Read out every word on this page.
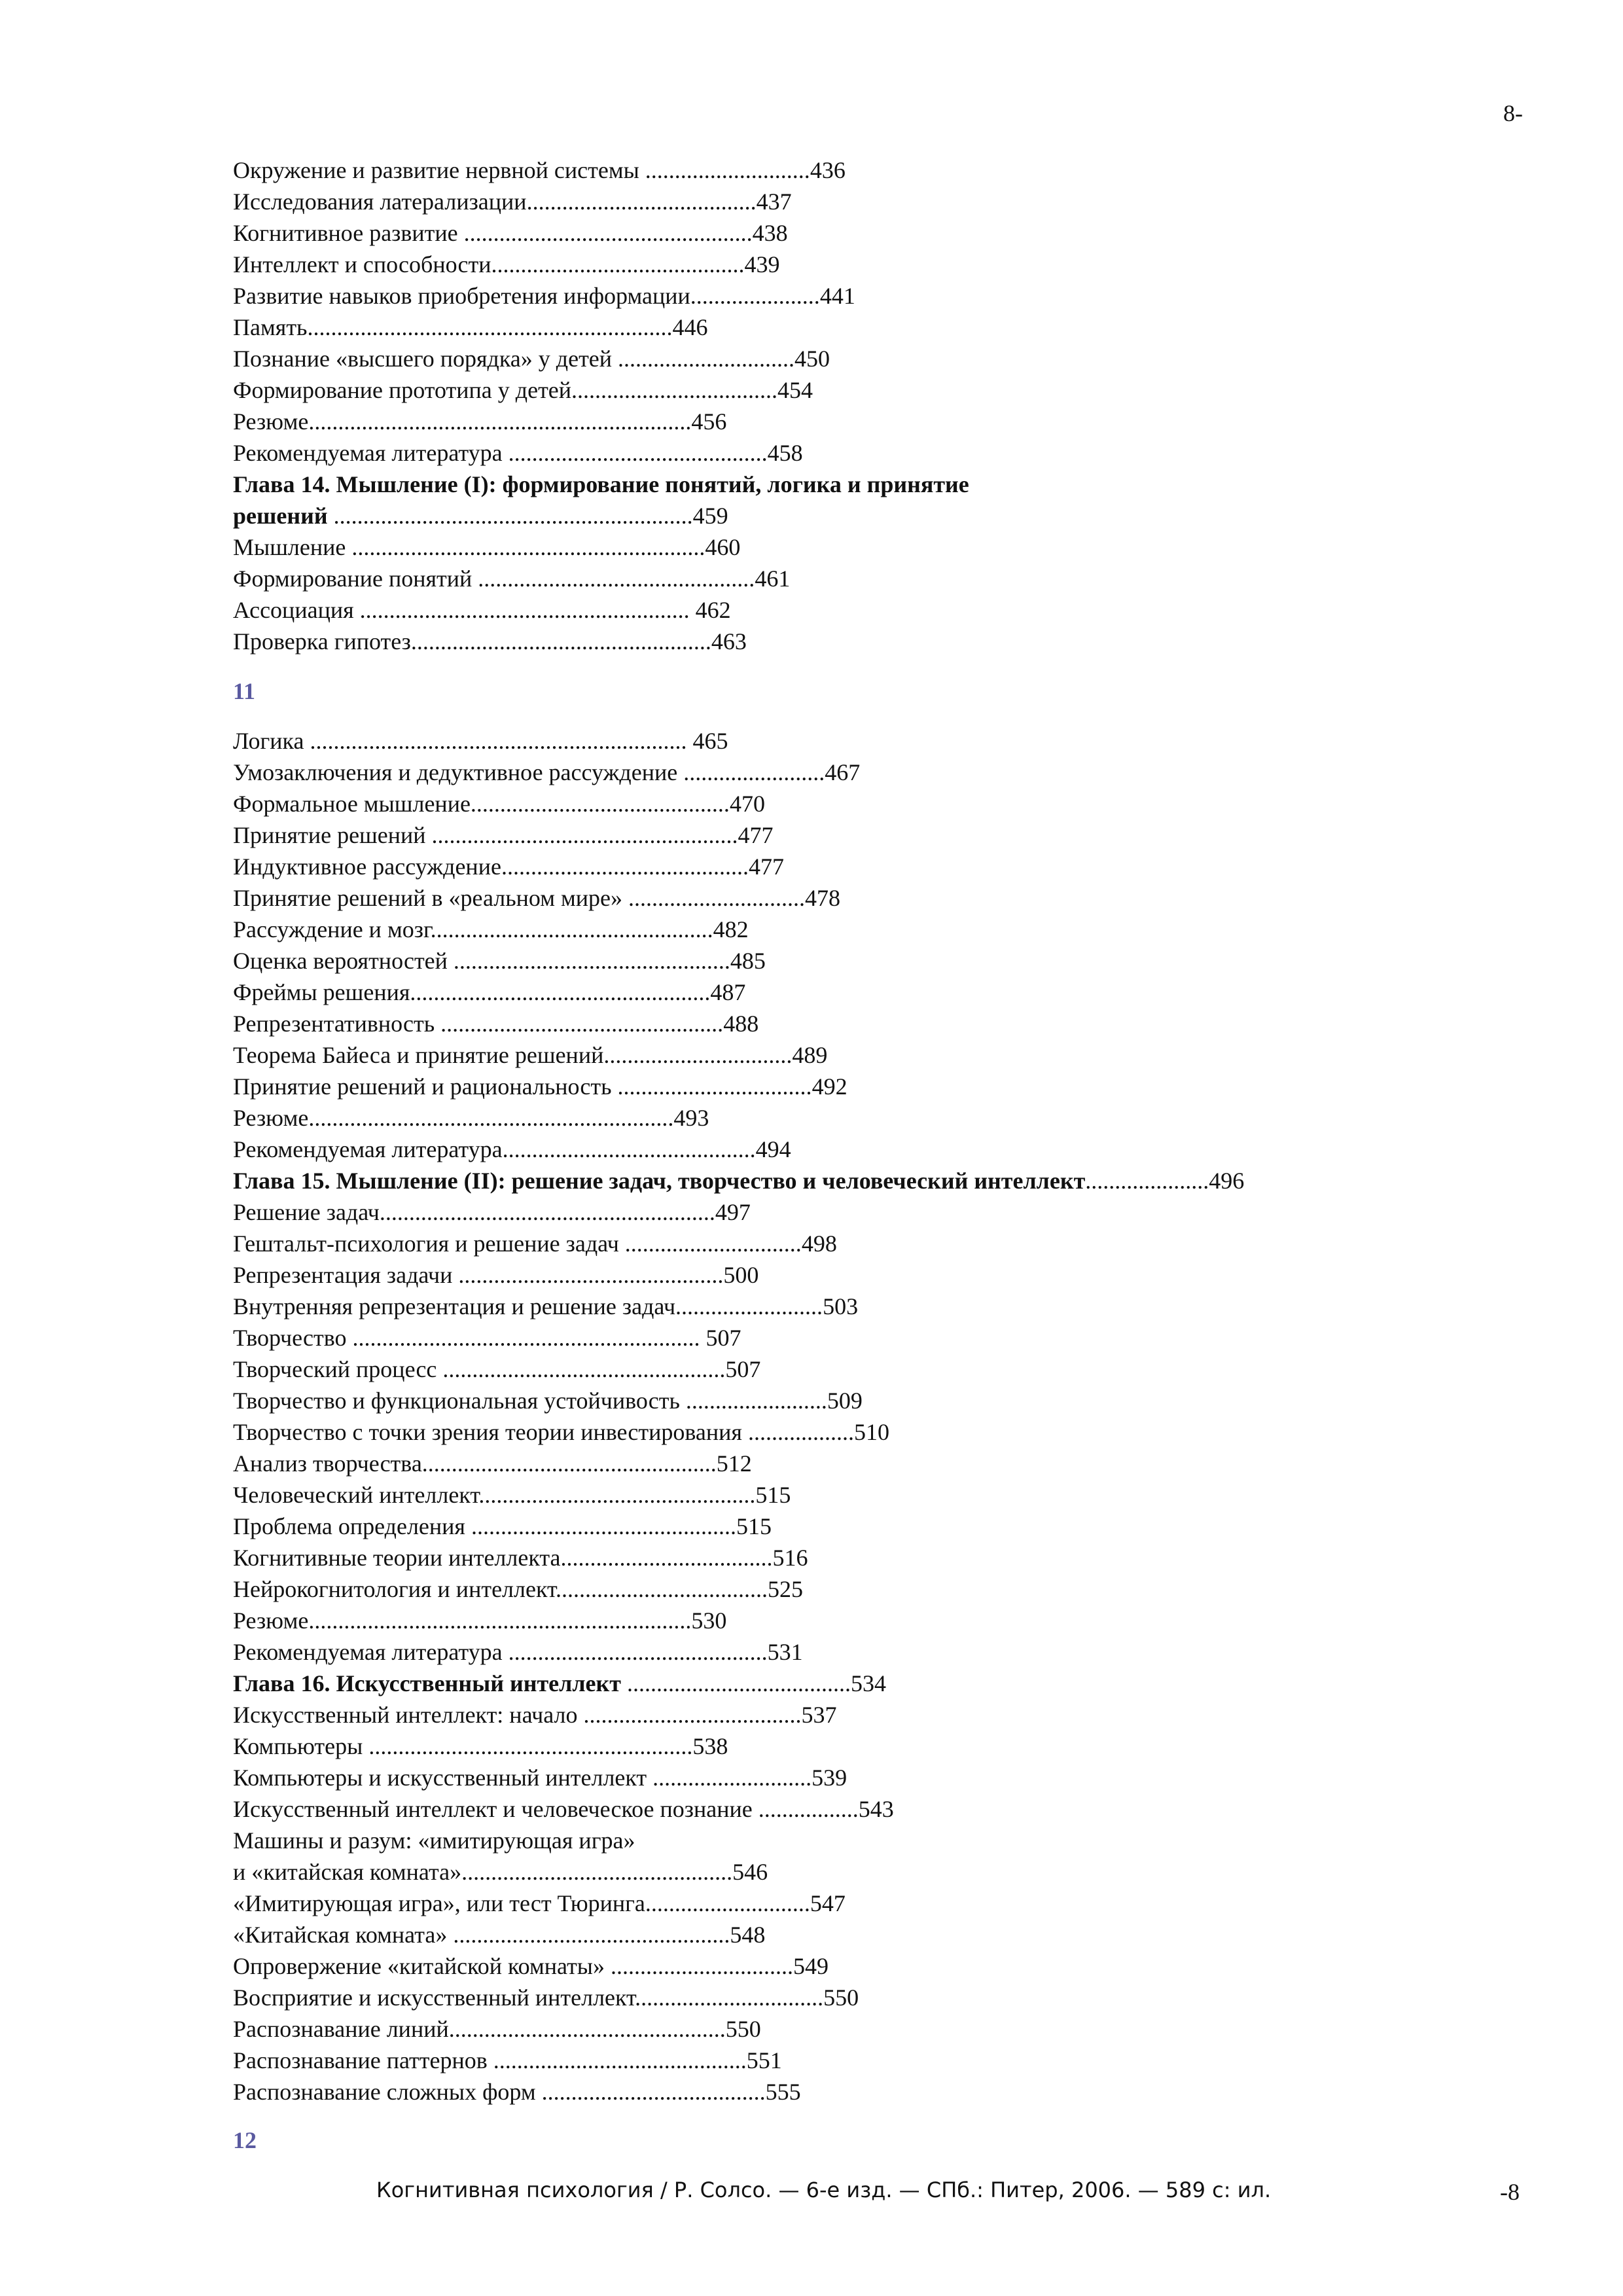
8-
Окружение и развитие нервной системы ............................436
Исследования латерализации.......................................437
Когнитивное развитие .................................................438
Интеллект и способности...........................................439
Развитие навыков приобретения информации......................441
Память..............................................................446
Познание «высшего порядка» у детей ..............................450
Формирование прототипа у детей...................................454
Резюме.................................................................456
Рекомендуемая литература ............................................458
Глава 14. Мышление (I): формирование понятий, логика и принятие
решений .............................................................459
Мышление ............................................................460
Формирование понятий ...............................................461
Ассоциация ........................................................ 462
Проверка гипотез...................................................463
11
Логика ................................................................ 465
Умозаключения и дедуктивное рассуждение ........................467
Формальное мышление............................................470
Принятие решений ....................................................477
Индуктивное рассуждение..........................................477
Принятие решений в «реальном мире» ..............................478
Рассуждение и мозг................................................482
Оценка вероятностей ...............................................485
Фреймы решения...................................................487
Репрезентативность ................................................488
Теорема Байеса и принятие решений................................489
Принятие решений и рациональность .................................492
Резюме..............................................................493
Рекомендуемая литература...........................................494
Глава 15. Мышление (II): решение задач, творчество и человеческий интеллект.....................496
Решение задач.........................................................497
Гештальт-психология и решение задач ..............................498
Репрезентация задачи .............................................500
Внутренняя репрезентация и решение задач.........................503
Творчество ........................................................... 507
Творческий процесс ................................................507
Творчество и функциональная устойчивость ........................509
Творчество с точки зрения теории инвестирования ..................510
Анализ творчества..................................................512
Человеческий интеллект...............................................515
Проблема определения .............................................515
Когнитивные теории интеллекта....................................516
Нейрокогнитология и интеллект....................................525
Резюме.................................................................530
Рекомендуемая литература ............................................531
Глава 16. Искусственный интеллект ......................................534
Искусственный интеллект: начало .....................................537
Компьютеры .......................................................538
Компьютеры и искусственный интеллект ...........................539
Искусственный интеллект и человеческое познание .................543
Машины и разум: «имитирующая игра»
и «китайская комната»..............................................546
«Имитирующая игра», или тест Тюринга............................547
«Китайская комната» ...............................................548
Опровержение «китайской комнаты» ...............................549
Восприятие и искусственный интеллект................................550
Распознавание линий...............................................550
Распознавание паттернов ...........................................551
Распознавание сложных форм ......................................555
12
Когнитивная психология / Р. Солсо. — 6-е изд. — СПб.: Питер, 2006. — 589 с: ил.	-8
